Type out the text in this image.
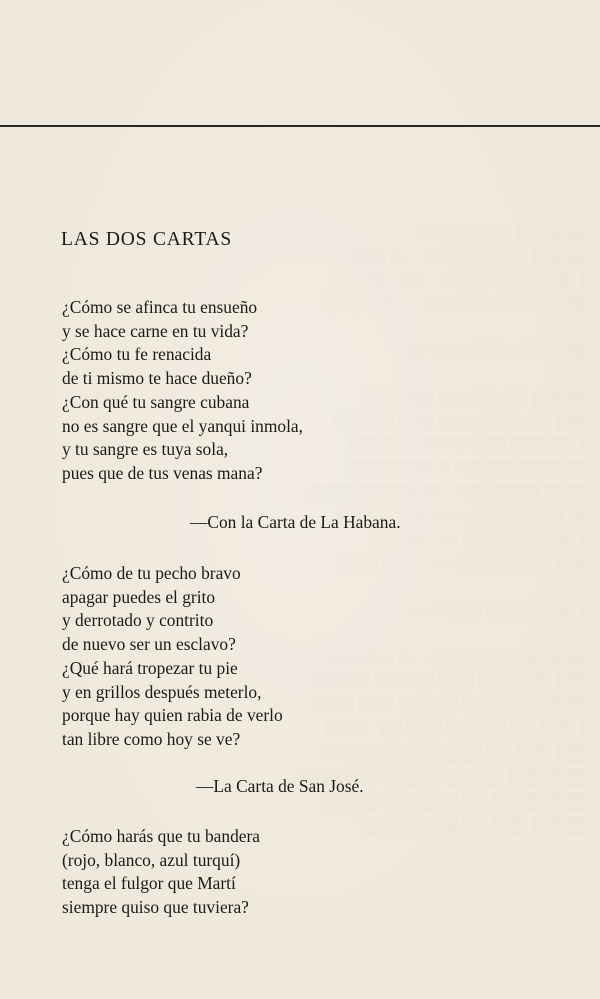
░░░░ ░░ ░░░░░░░░
░░░░░ ░░░░░░░░░ ░░ ░░░░
░ ░░ ░░░░ ░░░░░ ░░░ ░░░░░
░░░░░░░░ ░░░░░░ ░ ░░░░░░

░░░░ ░░ ░░░░░░░░░

░░░░░ ░░ ░░░░░ ░░░░░░
░░░ ░░ ░░░░░░░ ░░░ ░░░░░
░ ░░ ░░░ ░░ ░░░░░ ░ ░░░░
░░░░░░ ░░░░░ ░ ░░░░░░░
░░░░ ░░░░ ░░░ ░░ ░░░░░ ░░░░
░░ ░░░░░ ░░░░░░░ ░░░░░░
░ ░░ ░░░░░░░ ░░ ░░░░░
░░░ ░░░░░ ░░░░░ ░ ░░ ░░░

░ ░░ ░░░░░ ░░ ░░░░

░░░░░░ ░░░░░░ ░ ░░ ░░░░░░
░░░ ░░░░░░ ░░░ ░░░░░ ░░░░░
░░░░ ░░ ░░░░ ░░░░░ ░░░ ░░░░
░ ░░░ ░░ ░░░░░ ░░░ ░░ ░░░░
░░░ ░░░ ░░ ░░░░ ░░░░░░░░░
░░░░░░░ ░░░░░ ░░░░░ ░ ░░░░░
░░░░░░ ░░ ░░ ░░░░░░ ░░░░░
░░░░░ ░░░ ░░ ░░░░ ░░░░
LAS DOS CARTAS

¿Cómo se afinca tu ensueño
y se hace carne en tu vida?
¿Cómo tu fe renacida
de ti mismo te hace dueño?
¿Con qué tu sangre cubana
no es sangre que el yanqui inmola,
y tu sangre es tuya sola,
pues que de tus venas mana?

—Con la Carta de La Habana.

¿Cómo de tu pecho bravo
apagar puedes el grito
y derrotado y contrito
de nuevo ser un esclavo?
¿Qué hará tropezar tu pie
y en grillos después meterlo,
porque hay quien rabia de verlo
tan libre como hoy se ve?

—La Carta de San José.

¿Cómo harás que tu bandera
(rojo, blanco, azul turquí)
tenga el fulgor que Martí
siempre quiso que tuviera?
